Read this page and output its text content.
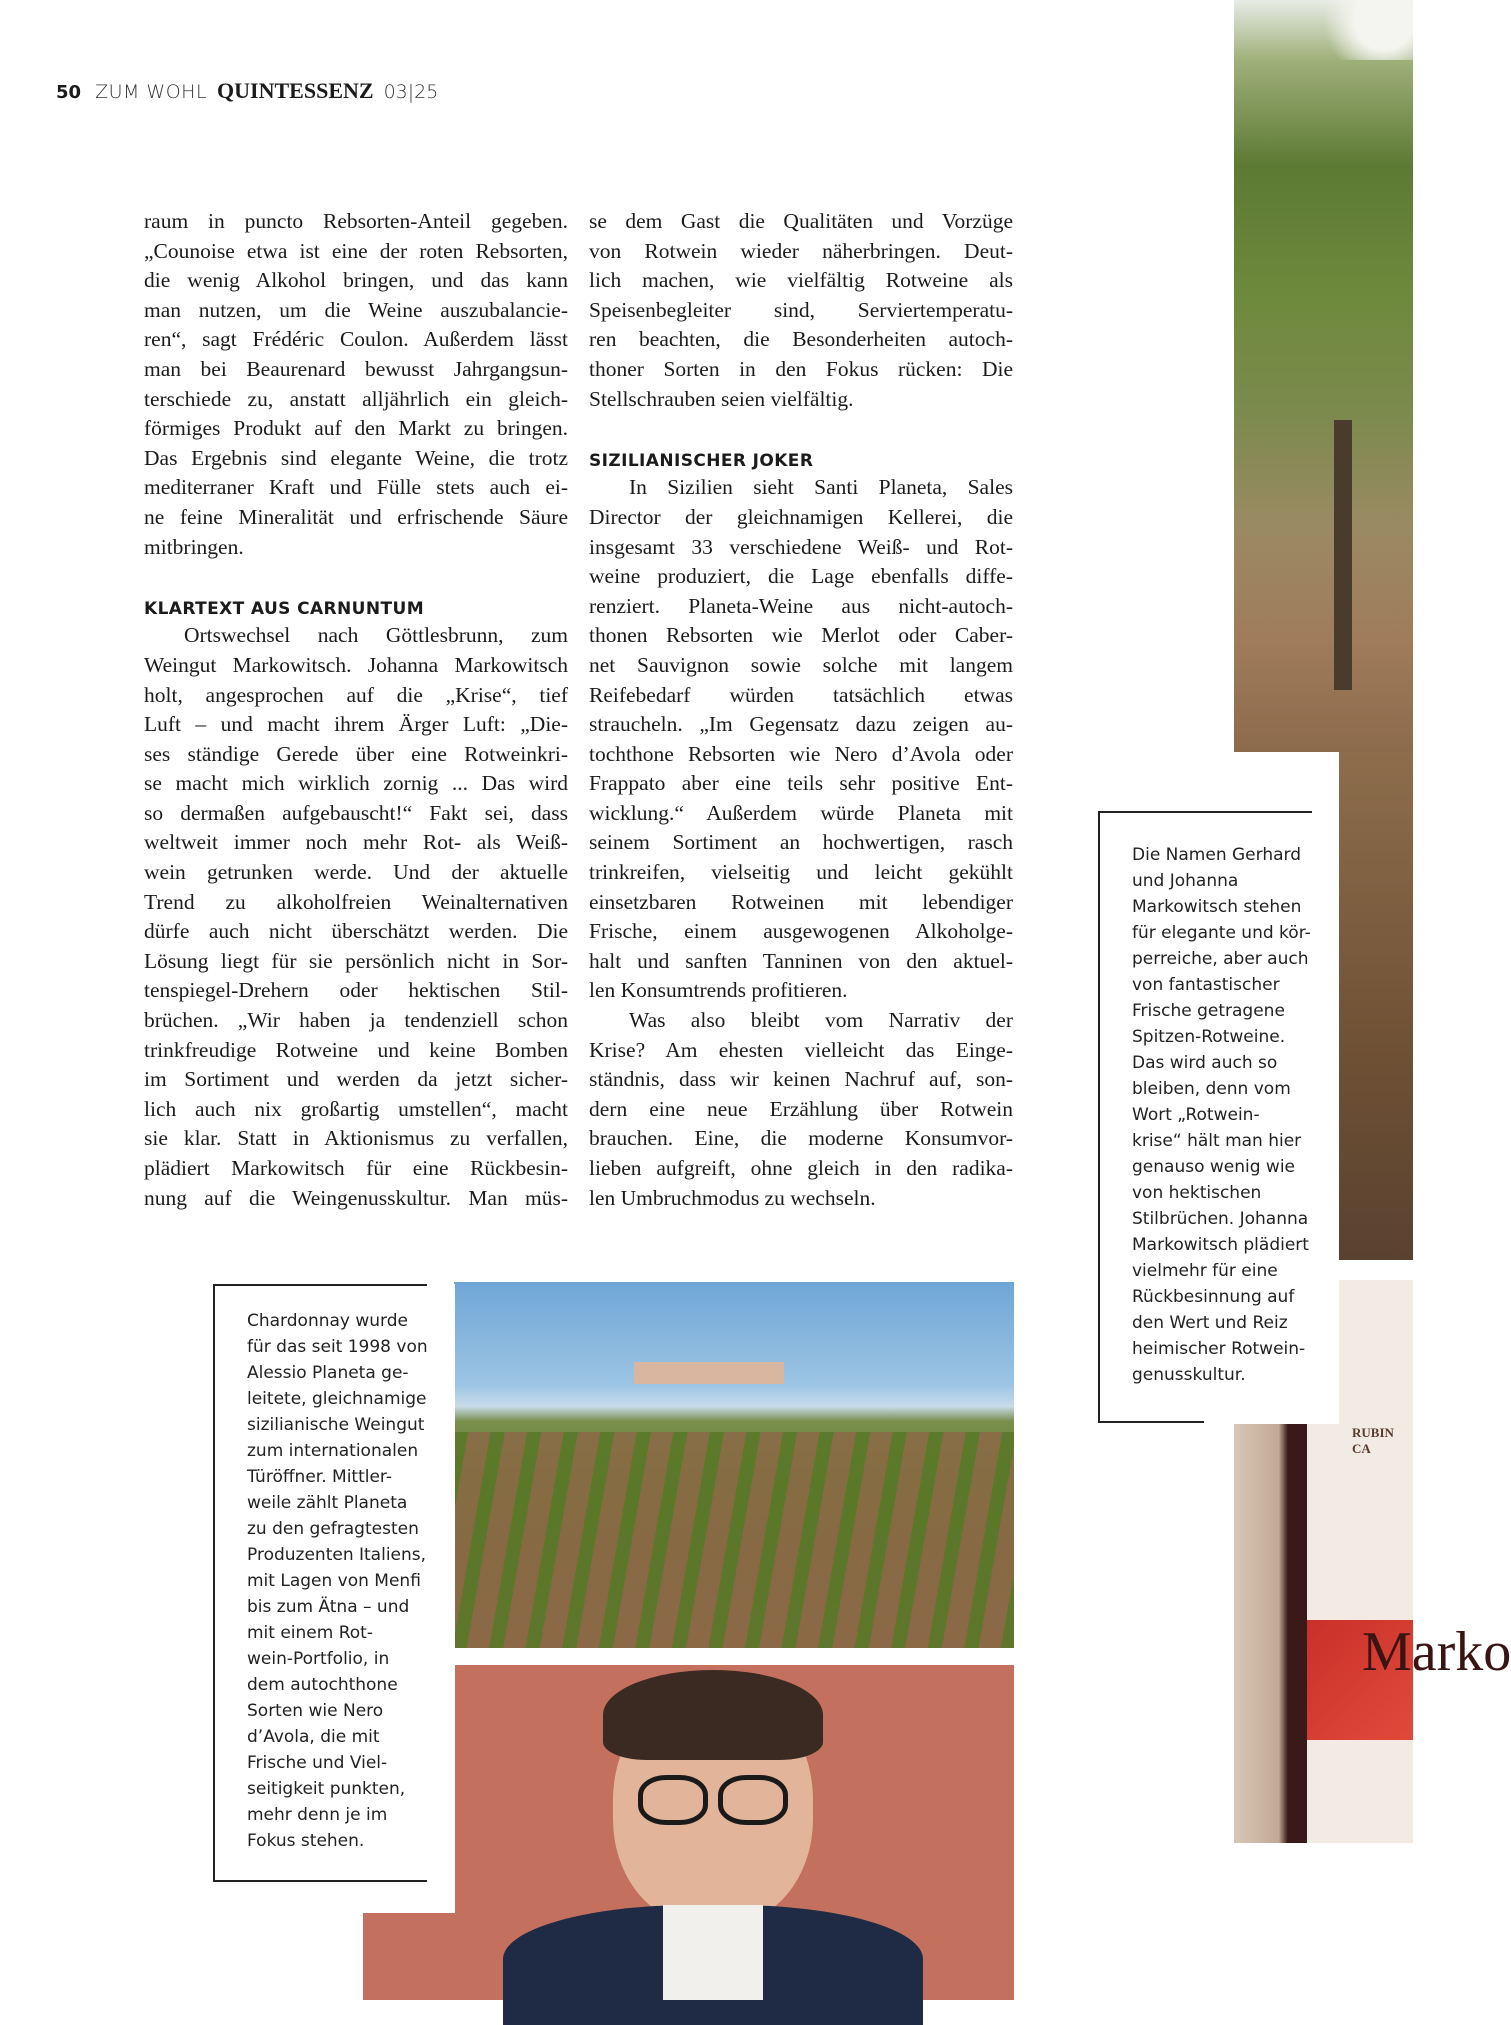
50 ZUM WOHL QUINTESSENZ 03|25
RUBIN CA
Marko
Die Namen Gerhard
und Johanna
Markowitsch stehen
für elegante und kör-
perreiche, aber auch
von fantastischer
Frische getragene
Spitzen-Rotweine.
Das wird auch so
bleiben, denn vom
Wort „Rotwein-
krise“ hält man hier
genauso wenig wie
von hektischen
Stilbrüchen. Johanna
Markowitsch plädiert
vielmehr für eine
Rückbesinnung auf
den Wert und Reiz
heimischer Rotwein-
genusskultur.
raum in puncto Rebsorten-Anteil gegeben.
„Counoise etwa ist eine der roten Rebsorten,
die wenig Alkohol bringen, und das kann
man nutzen, um die Weine auszubalancie-
ren“, sagt Frédéric Coulon. Außerdem lässt
man bei Beaurenard bewusst Jahrgangsun-
terschiede zu, anstatt alljährlich ein gleich-
förmiges Produkt auf den Markt zu bringen.
Das Ergebnis sind elegante Weine, die trotz
mediterraner Kraft und Fülle stets auch ei-
ne feine Mineralität und erfrischende Säure
mitbringen.
KLARTEXT AUS CARNUNTUM
Ortswechsel nach Göttlesbrunn, zum
Weingut Markowitsch. Johanna Markowitsch
holt, angesprochen auf die „Krise“, tief
Luft – und macht ihrem Ärger Luft: „Die-
ses ständige Gerede über eine Rotweinkri-
se macht mich wirklich zornig ... Das wird
so dermaßen aufgebauscht!“ Fakt sei, dass
weltweit immer noch mehr Rot- als Weiß-
wein getrunken werde. Und der aktuelle
Trend zu alkoholfreien Weinalternativen
dürfe auch nicht überschätzt werden. Die
Lösung liegt für sie persönlich nicht in Sor-
tenspiegel-Drehern oder hektischen Stil-
brüchen. „Wir haben ja tendenziell schon
trinkfreudige Rotweine und keine Bomben
im Sortiment und werden da jetzt sicher-
lich auch nix großartig umstellen“, macht
sie klar. Statt in Aktionismus zu verfallen,
plädiert Markowitsch für eine Rückbesin-
nung auf die Weingenusskultur. Man müs-
se dem Gast die Qualitäten und Vorzüge
von Rotwein wieder näherbringen. Deut-
lich machen, wie vielfältig Rotweine als
Speisenbegleiter sind, Serviertemperatu-
ren beachten, die Besonderheiten autoch-
thoner Sorten in den Fokus rücken: Die
Stellschrauben seien vielfältig.
SIZILIANISCHER JOKER
In Sizilien sieht Santi Planeta, Sales
Director der gleichnamigen Kellerei, die
insgesamt 33 verschiedene Weiß- und Rot-
weine produziert, die Lage ebenfalls diffe-
renziert. Planeta-Weine aus nicht-autoch-
thonen Rebsorten wie Merlot oder Caber-
net Sauvignon sowie solche mit langem
Reifebedarf würden tatsächlich etwas
straucheln. „Im Gegensatz dazu zeigen au-
tochthone Rebsorten wie Nero d’Avola oder
Frappato aber eine teils sehr positive Ent-
wicklung.“ Außerdem würde Planeta mit
seinem Sortiment an hochwertigen, rasch
trinkreifen, vielseitig und leicht gekühlt
einsetzbaren Rotweinen mit lebendiger
Frische, einem ausgewogenen Alkoholge-
halt und sanften Tanninen von den aktuel-
len Konsumtrends profitieren.
Was also bleibt vom Narrativ der
Krise? Am ehesten vielleicht das Einge-
ständnis, dass wir keinen Nachruf auf, son-
dern eine neue Erzählung über Rotwein
brauchen. Eine, die moderne Konsumvor-
lieben aufgreift, ohne gleich in den radika-
len Umbruchmodus zu wechseln.
Chardonnay wurde
für das seit 1998 von
Alessio Planeta ge-
leitete, gleichnamige
sizilianische Weingut
zum internationalen
Türöffner. Mittler-
weile zählt Planeta
zu den gefragtesten
Produzenten Italiens,
mit Lagen von Menfi
bis zum Ätna – und
mit einem Rot-
wein-Portfolio, in
dem autochthone
Sorten wie Nero
d’Avola, die mit
Frische und Viel-
seitigkeit punkten,
mehr denn je im
Fokus stehen.
